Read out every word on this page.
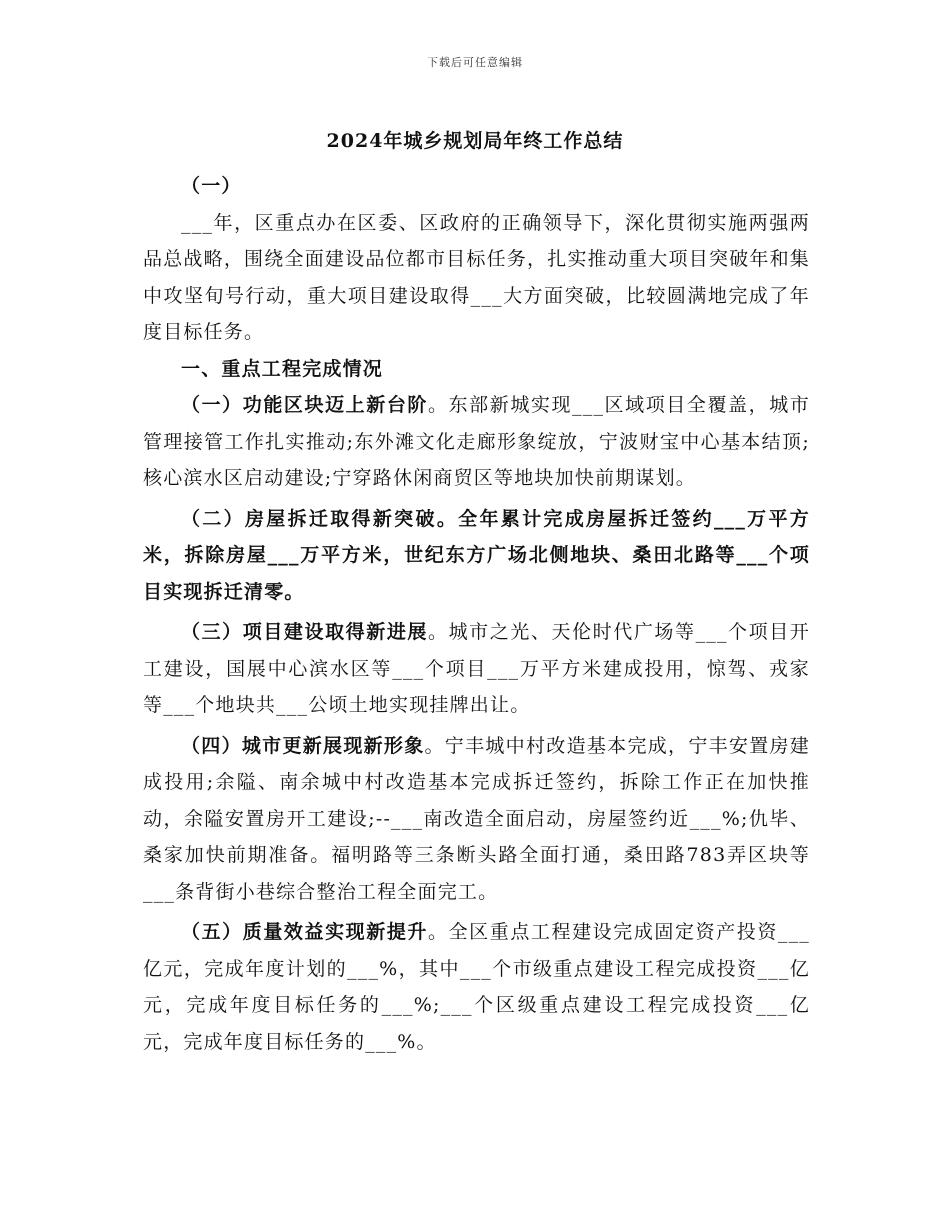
下载后可任意编辑
2024年城乡规划局年终工作总结

（一）

___年，区重点办在区委、区政府的正确领导下，深化贯彻实施两强两品总战略，围绕全面建设品位都市目标任务，扎实推动重大项目突破年和集中攻坚旬号行动，重大项目建设取得___大方面突破，比较圆满地完成了年度目标任务。

一、重点工程完成情况

（一）功能区块迈上新台阶。东部新城实现___区域项目全覆盖，城市管理接管工作扎实推动;东外滩文化走廊形象绽放，宁波财宝中心基本结顶;核心滨水区启动建设;宁穿路休闲商贸区等地块加快前期谋划。

（二）房屋拆迁取得新突破。全年累计完成房屋拆迁签约___万平方米，拆除房屋___万平方米，世纪东方广场北侧地块、桑田北路等___个项目实现拆迁清零。

（三）项目建设取得新进展。城市之光、天伦时代广场等___个项目开工建设，国展中心滨水区等___个项目___万平方米建成投用，惊驾、戎家等___个地块共___公顷土地实现挂牌出让。

（四）城市更新展现新形象。宁丰城中村改造基本完成，宁丰安置房建成投用;余隘、南余城中村改造基本完成拆迁签约，拆除工作正在加快推动，余隘安置房开工建设;--___南改造全面启动，房屋签约近___%;仇毕、桑家加快前期准备。福明路等三条断头路全面打通，桑田路783弄区块等___条背街小巷综合整治工程全面完工。

（五）质量效益实现新提升。全区重点工程建设完成固定资产投资___亿元，完成年度计划的___%，其中___个市级重点建设工程完成投资___亿元，完成年度目标任务的___%;___个区级重点建设工程完成投资___亿元，完成年度目标任务的___%。
